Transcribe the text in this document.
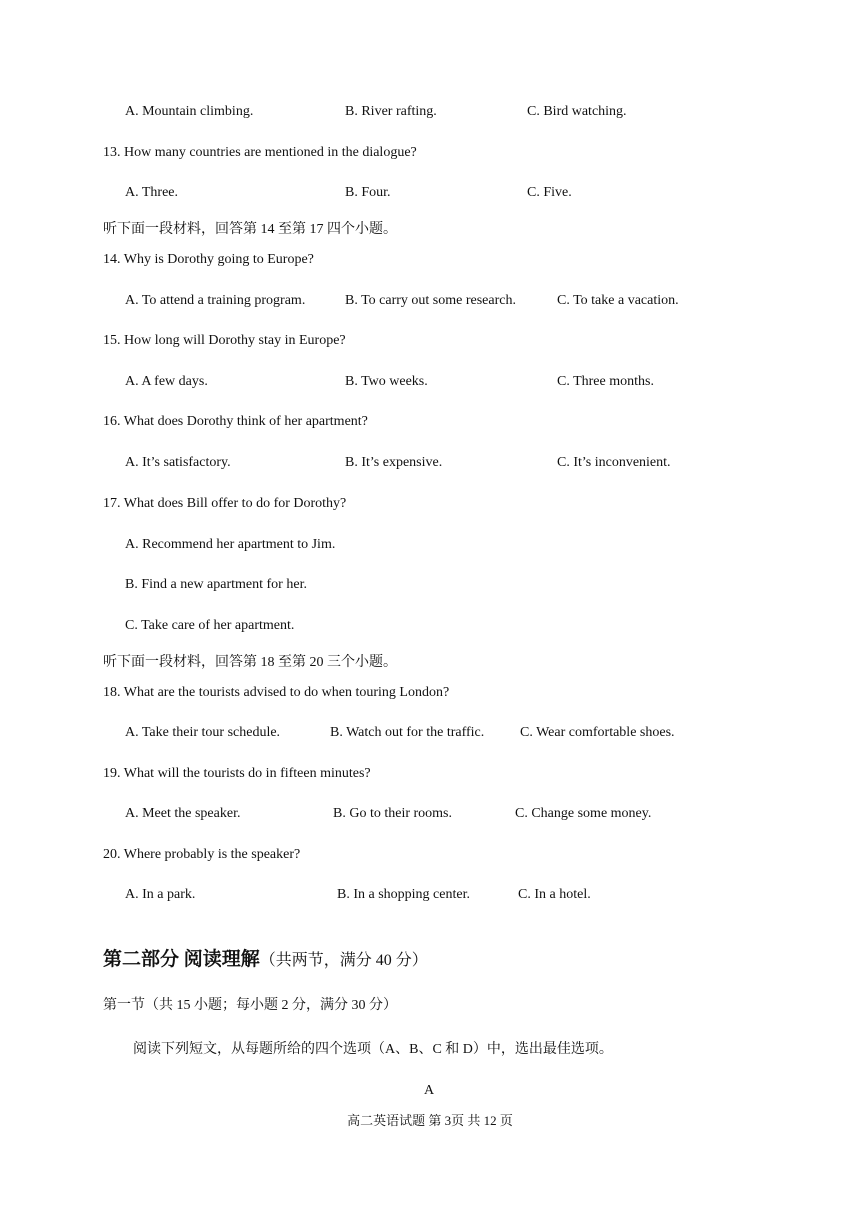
A. Mountain climbing.	B. River rafting.	C. Bird watching.
13. How many countries are mentioned in the dialogue?
A. Three.	B. Four.	C. Five.
听下面一段材料，回答第 14 至第 17 四个小题。
14. Why is Dorothy going to Europe?
A. To attend a training program.	B. To carry out some research.	C. To take a vacation.
15. How long will Dorothy stay in Europe?
A. A few days.	B. Two weeks.	C. Three months.
16. What does Dorothy think of her apartment?
A. It’s satisfactory.	B. It’s expensive.	C. It’s inconvenient.
17. What does Bill offer to do for Dorothy?
A. Recommend her apartment to Jim.
B. Find a new apartment for her.
C. Take care of her apartment.
听下面一段材料，回答第 18 至第 20 三个小题。
18. What are the tourists advised to do when touring London?
A. Take their tour schedule.	B. Watch out for the traffic.	C. Wear comfortable shoes.
19. What will the tourists do in fifteen minutes?
A. Meet the speaker.	B. Go to their rooms.	C. Change some money.
20. Where probably is the speaker?
A. In a park.	B. In a shopping center.	C. In a hotel.
第二部分 阅读理解（共两节，满分 40 分）
第一节（共 15 小题；每小题 2 分，满分 30 分）
阅读下列短文，从每题所给的四个选项（A、B、C 和 D）中，选出最佳选项。
A
高二英语试题 第 3页 共 12 页
